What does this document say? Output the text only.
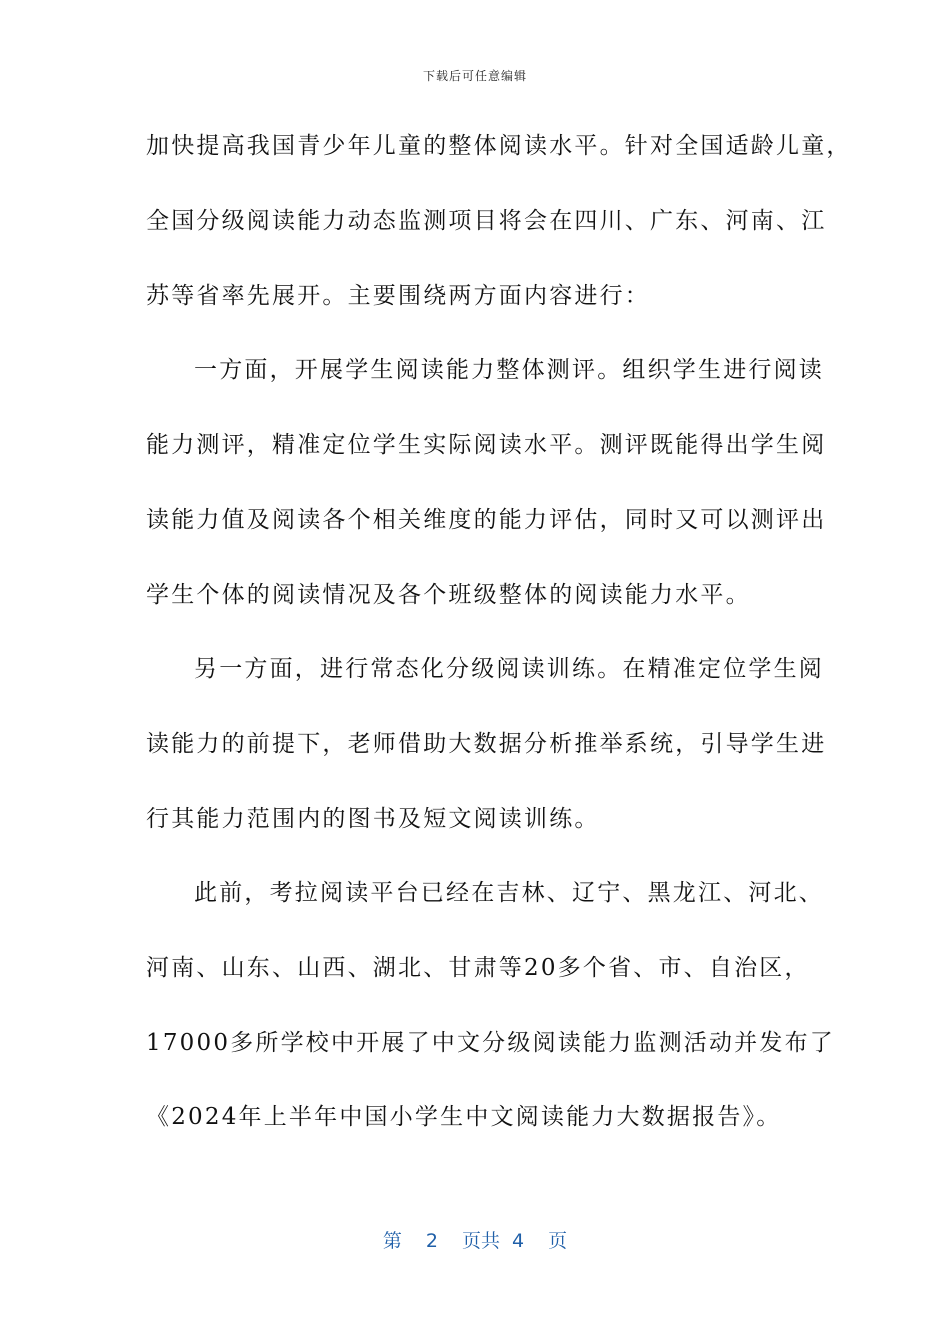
下载后可任意编辑
加快提高我国青少年儿童的整体阅读水平。针对全国适龄儿童，
全国分级阅读能力动态监测项目将会在四川、广东、河南、江
苏等省率先展开。主要围绕两方面内容进行：
一方面，开展学生阅读能力整体测评。组织学生进行阅读
能力测评，精准定位学生实际阅读水平。测评既能得出学生阅
读能力值及阅读各个相关维度的能力评估，同时又可以测评出
学生个体的阅读情况及各个班级整体的阅读能力水平。
另一方面，进行常态化分级阅读训练。在精准定位学生阅
读能力的前提下，老师借助大数据分析推举系统，引导学生进
行其能力范围内的图书及短文阅读训练。
此前，考拉阅读平台已经在吉林、辽宁、黑龙江、河北、
河南、山东、山西、湖北、甘肃等20多个省、市、自治区，
17000多所学校中开展了中文分级阅读能力监测活动并发布了
《2024年上半年中国小学生中文阅读能力大数据报告》。
第 2 页共 4 页
